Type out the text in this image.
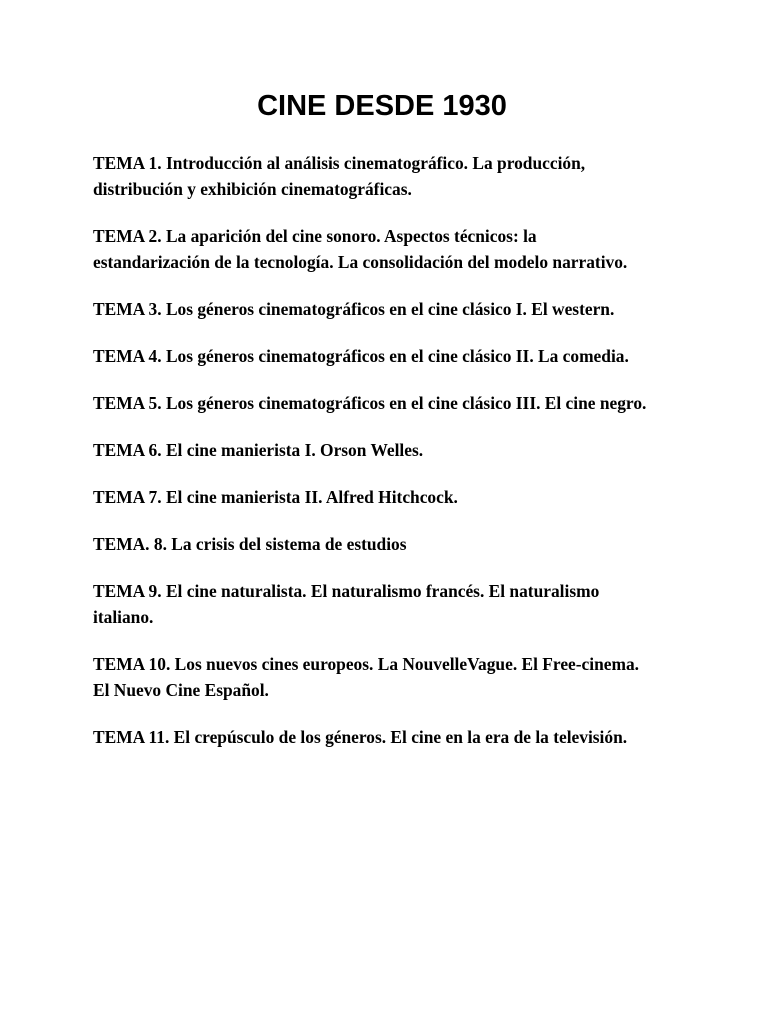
CINE DESDE 1930
TEMA 1. Introducción al análisis cinematográfico. La producción, distribución y exhibición cinematográficas.
TEMA 2. La aparición del cine sonoro. Aspectos técnicos: la estandarización de la tecnología. La consolidación del modelo narrativo.
TEMA 3. Los géneros cinematográficos en el cine clásico I. El western.
TEMA 4. Los géneros cinematográficos en el cine clásico II. La comedia.
TEMA 5. Los géneros cinematográficos en el cine clásico III. El cine negro.
TEMA 6. El cine manierista I. Orson Welles.
TEMA 7. El cine manierista II. Alfred Hitchcock.
TEMA. 8. La crisis del sistema de estudios
TEMA 9. El cine naturalista. El naturalismo francés. El naturalismo italiano.
TEMA 10. Los nuevos cines europeos. La NouvelleVague. El Free-cinema. El Nuevo Cine Español.
TEMA 11. El crepúsculo de los géneros. El cine en la era de la televisión.
